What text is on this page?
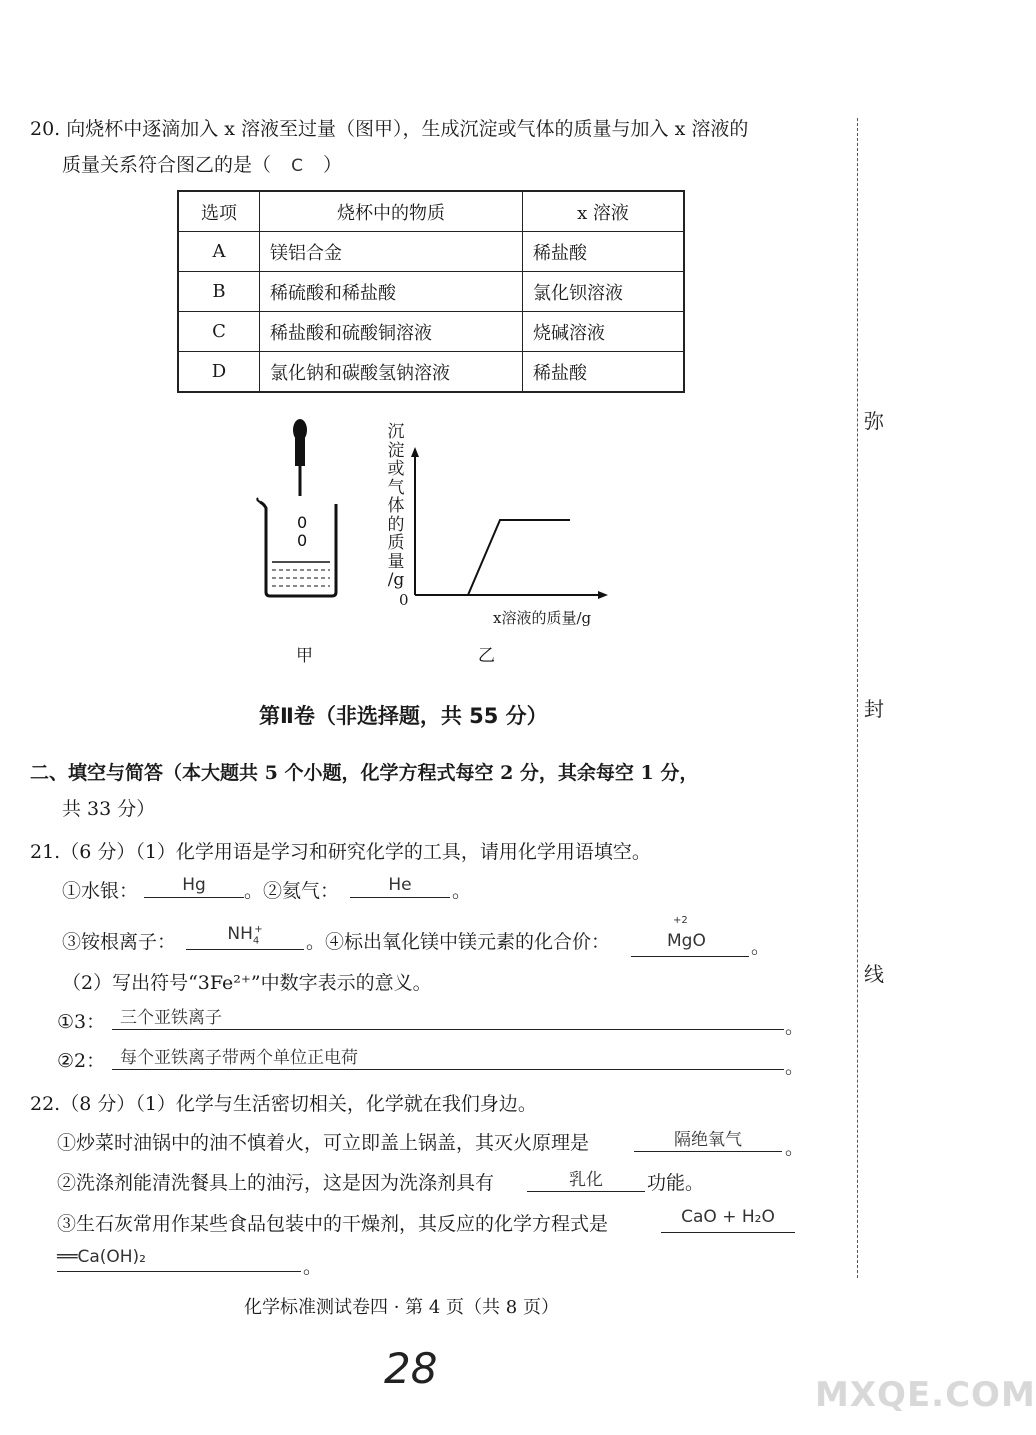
弥
封
线
20. 向烧杯中逐滴加入 x 溶液至过量（图甲），生成沉淀或气体的质量与加入 x 溶液的
质量关系符合图乙的是（ C ）
选项	烧杯中的物质	x 溶液
A	镁铝合金	稀盐酸
B	稀硫酸和稀盐酸	氯化钡溶液
C	稀盐酸和硫酸铜溶液	烧碱溶液
D	氯化钠和碳酸氢钠溶液	稀盐酸
0
0
甲
沉
淀
或
气
体
的
质
量
/g
0
x溶液的质量/g
乙
第Ⅱ卷（非选择题，共 55 分）
二、填空与简答（本大题共 5 个小题，化学方程式每空 2 分，其余每空 1 分，
共 33 分）
21.（6 分）（1）化学用语是学习和研究化学的工具，请用化学用语填空。
①水银：	Hg	。②氦气：	He	。
③铵根离子：	$NH_4^+$
。④标出氧化镁中镁元素的化合价：
+2
MgO 。
（2）写出符号“3Fe²⁺”中数字表示的意义。
①3： 三个亚铁离子	。
②2： 每个亚铁离子带两个单位正电荷	。
22.（8 分）（1）化学与生活密切相关，化学就在我们身边。
①炒菜时油锅中的油不慎着火，可立即盖上锅盖，其灭火原理是	隔绝氧气	。
②洗涤剂能清洗餐具上的油污，这是因为洗涤剂具有	乳化	功能。
③生石灰常用作某些食品包装中的干燥剂，其反应的化学方程式是	CaO + H₂O
══Ca(OH)₂	。
化学标准测试卷四 · 第 4 页（共 8 页）
28
MXQE.COM
